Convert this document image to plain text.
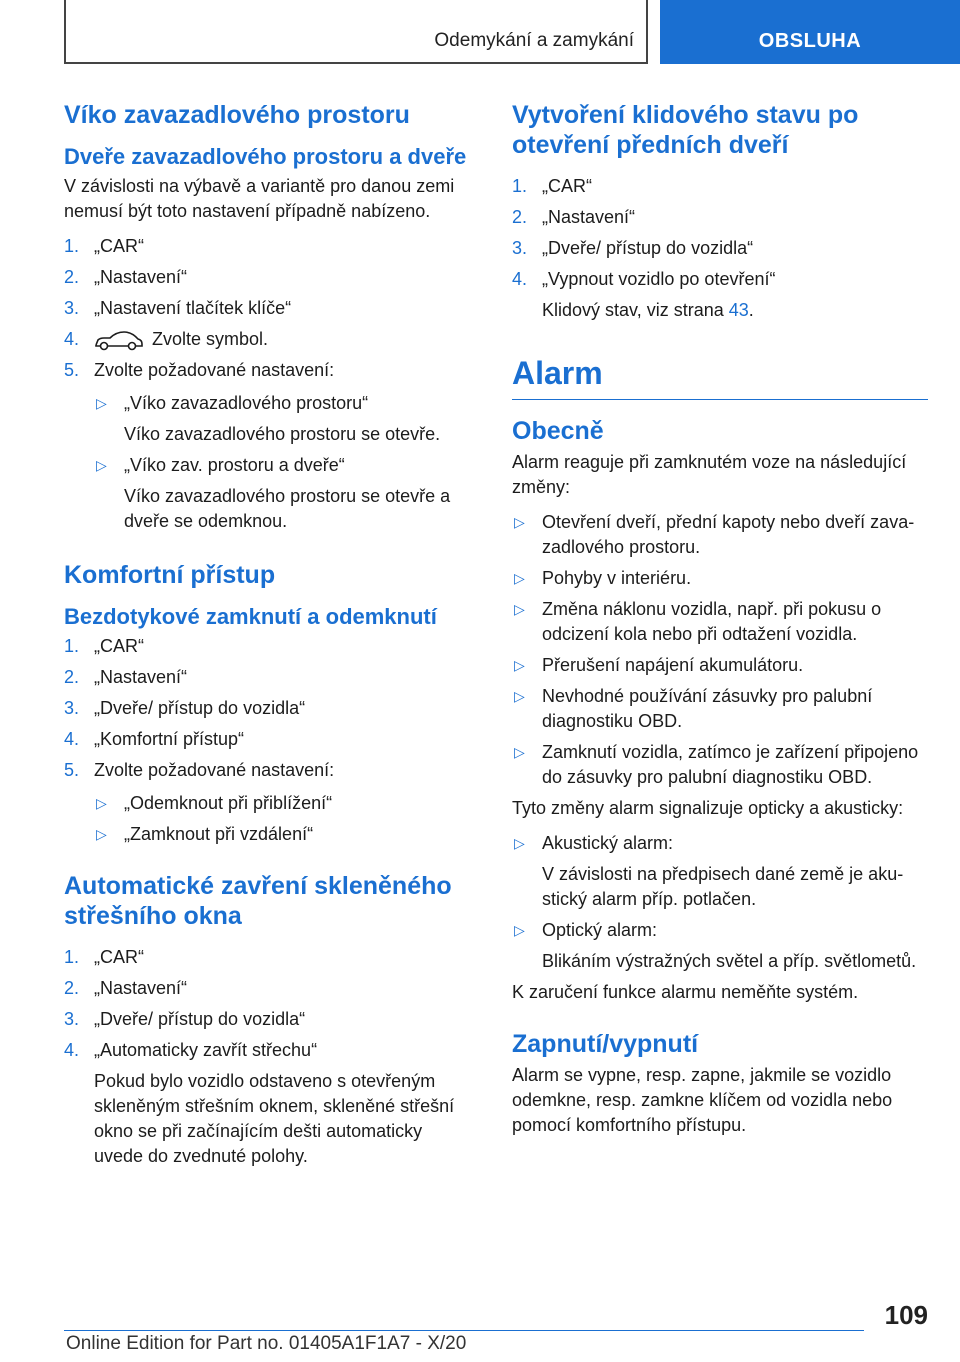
Odemykání a zamykání	OBSLUHA
Víko zavazadlového prostoru
Dveře zavazadlového prostoru a dveře

V závislosti na výbavě a variantě pro danou zemi nemusí být toto nastavení případně nabízeno.

1. „CAR“
2. „Nastavení“
3. „Nastavení tlačítek klíče“
4.	Zvolte symbol.
5. Zvolte požadované nastavení:
▷ „Víko zavazadlového prostoru“
Víko zavazadlového prostoru se otevře.
▷ „Víko zav. prostoru a dveře“
Víko zavazadlového prostoru se otevře a dveře se odemknou.
Komfortní přístup
Bezdotykové zamknutí a odemknutí
1. „CAR“
2. „Nastavení“
3. „Dveře/ přístup do vozidla“
4. „Komfortní přístup“
5. Zvolte požadované nastavení:
▷ „Odemknout při přiblížení“
▷ „Zamknout při vzdálení“
Automatické zavření skleněného střešního okna
1. „CAR“
2. „Nastavení“
3. „Dveře/ přístup do vozidla“
4. „Automaticky zavřít střechu“
Pokud bylo vozidlo odstaveno s otevřeným skleněným střešním oknem, skleněné střešní okno se při začínajícím dešti automaticky uvede do zvednuté polohy.
Vytvoření klidového stavu po otevření předních dveří
1. „CAR“
2. „Nastavení“
3. „Dveře/ přístup do vozidla“
4. „Vypnout vozidlo po otevření“
Klidový stav, viz strana 43.
Alarm
Obecně

Alarm reaguje při zamknutém voze na následující změny:

▷ Otevření dveří, přední kapoty nebo dveří zavazadlového prostoru.
▷ Pohyby v interiéru.
▷ Změna náklonu vozidla, např. při pokusu o odcizení kola nebo při odtažení vozidla.
▷ Přerušení napájení akumulátoru.
▷ Nevhodné používání zásuvky pro palubní diagnostiku OBD.
▷ Zamknutí vozidla, zatímco je zařízení připojeno do zásuvky pro palubní diagnostiku OBD.

Tyto změny alarm signalizuje opticky a akusticky:

▷ Akustický alarm:
V závislosti na předpisech dané země je akustický alarm příp. potlačen.
▷ Optický alarm:
Blikáním výstražných světel a příp. světlometů.

K zaručení funkce alarmu neměňte systém.

Zapnutí/vypnutí

Alarm se vypne, resp. zapne, jakmile se vozidlo odemkne, resp. zamkne klíčem od vozidla nebo pomocí komfortního přístupu.

109
Online Edition for Part no. 01405A1F1A7 - X/20
